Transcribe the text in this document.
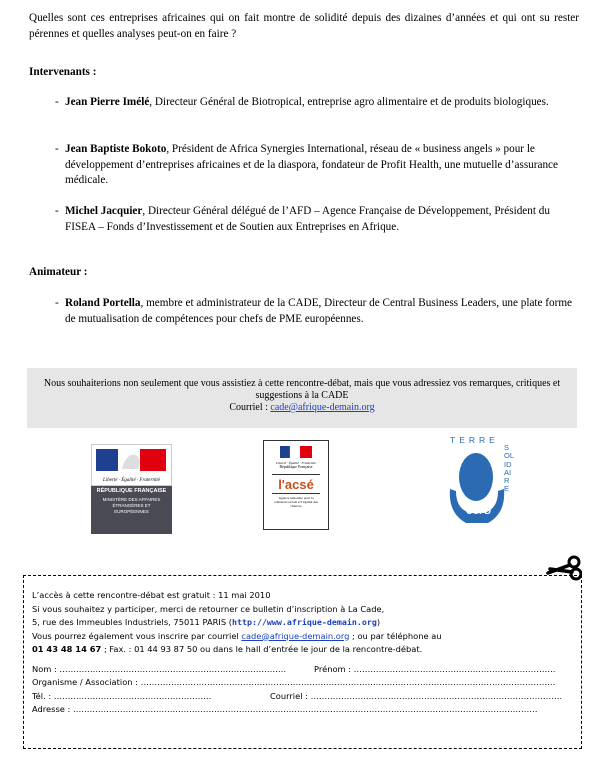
Quelles sont ces entreprises africaines qui on fait montre de solidité depuis des dizaines d’années et qui ont su rester pérennes et quelles analyses peut-on en faire ?
Intervenants :
- Jean Pierre Imélé, Directeur Général de Biotropical, entreprise agro alimentaire et de produits biologiques.
- Jean Baptiste Bokoto, Président de Africa Synergies International, réseau de « business angels » pour le développement d’entreprises africaines et de la diaspora, fondateur de Profit Health, une mutuelle d’assurance médicale.
- Michel Jacquier, Directeur Général délégué de l’AFD – Agence Française de Développement, Président du FISEA – Fonds d’Investissement et de Soutien aux Entreprises en Afrique.
Animateur :
- Roland Portella, membre et administrateur de la CADE, Directeur de Central Business Leaders, une plate forme de mutualisation de compétences pour chefs de PME européennes.
Nous souhaiterions non seulement que vous assistiez à cette rencontre-débat, mais que vous adressiez vos remarques, critiques et suggestions à la CADE
Courriel : cade@afrique-demain.org
Liberté · Égalité · Fraternité
RÉPUBLIQUE FRANÇAISE
MINISTÈRE DES AFFAIRES ÉTRANGÈRES ET EUROPÉENNES
Liberté · Égalité · Fraternité
République Française
l'acsé
Agence nationale pour la cohésion sociale et l'égalité des chances
TERRE
SOLIDAIRE
CCFD
L’accès à cette rencontre-débat est gratuit : 11 mai 2010
Si vous souhaitez y participer, merci de retourner ce bulletin d’inscription à La Cade,
5, rue des Immeubles Industriels, 75011 PARIS (http://www.afrique-demain.org)
Vous pourrez également vous inscrire par courriel cade@afrique-demain.org ; ou par téléphone au
01 43 48 14 67 ; Fax. : 01 44 93 87 50 ou dans le hall d’entrée le jour de la rencontre-débat.
Nom : ……………………………………………………………………….	Prénom : ……………………………………………………………….
Organisme / Association : ……………………………………………………………………………………………………………………………………
Tél. : …………………………………………………	Courriel : ……………………………………………………………………………….
Adresse : ……………………………………………………………………………………………………………………………………………………
